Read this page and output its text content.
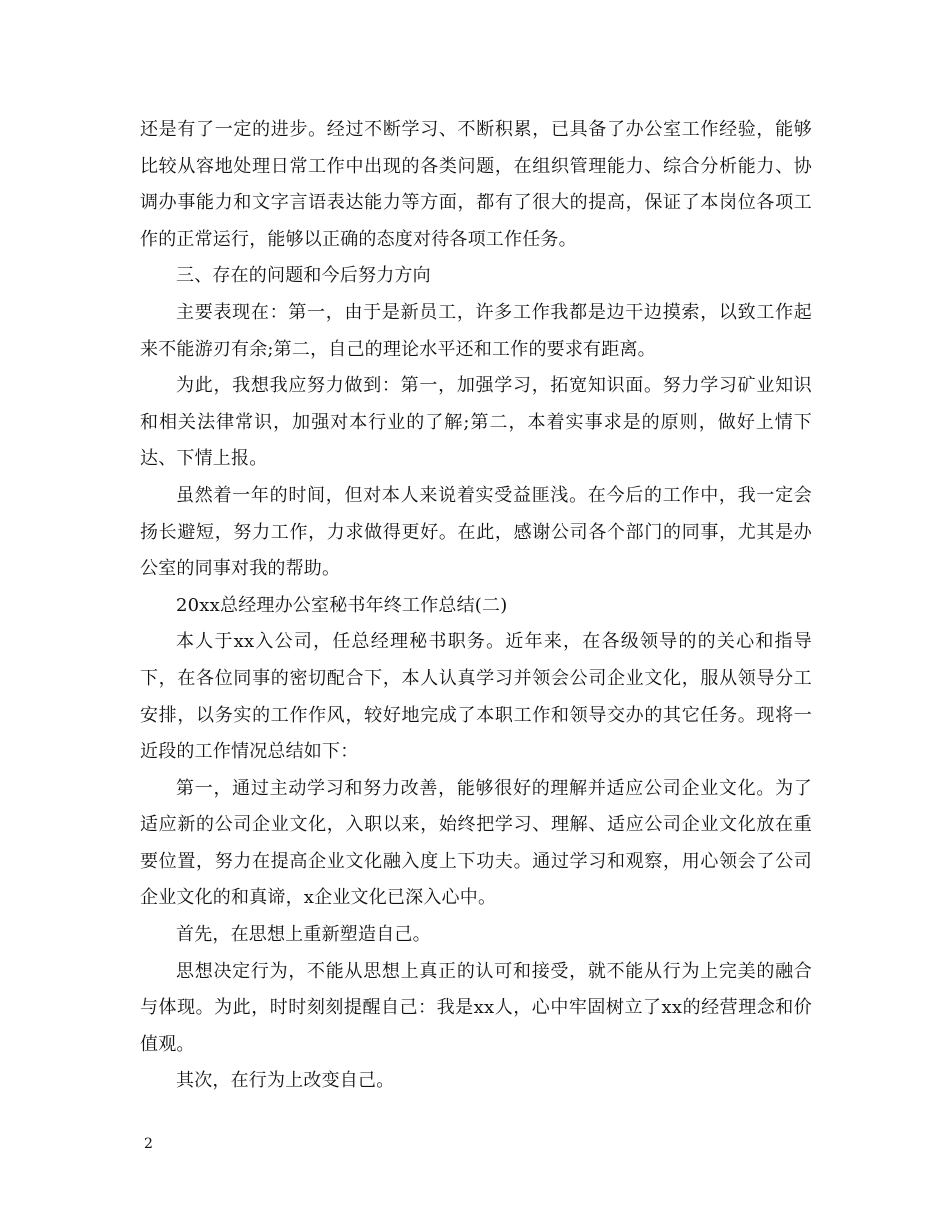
还是有了一定的进步。经过不断学习、不断积累，已具备了办公室工作经验，能够比较从容地处理日常工作中出现的各类问题，在组织管理能力、综合分析能力、协调办事能力和文字言语表达能力等方面，都有了很大的提高，保证了本岗位各项工作的正常运行，能够以正确的态度对待各项工作任务。

三、存在的问题和今后努力方向

主要表现在：第一，由于是新员工，许多工作我都是边干边摸索，以致工作起来不能游刃有余;第二，自己的理论水平还和工作的要求有距离。

为此，我想我应努力做到：第一，加强学习，拓宽知识面。努力学习矿业知识和相关法律常识，加强对本行业的了解;第二，本着实事求是的原则，做好上情下达、下情上报。

虽然着一年的时间，但对本人来说着实受益匪浅。在今后的工作中，我一定会扬长避短，努力工作，力求做得更好。在此，感谢公司各个部门的同事，尤其是办公室的同事对我的帮助。

20xx总经理办公室秘书年终工作总结(二)

本人于xx入公司，任总经理秘书职务。近年来，在各级领导的的关心和指导下，在各位同事的密切配合下，本人认真学习并领会公司企业文化，服从领导分工安排，以务实的工作作风，较好地完成了本职工作和领导交办的其它任务。现将一近段的工作情况总结如下：

第一，通过主动学习和努力改善，能够很好的理解并适应公司企业文化。为了适应新的公司企业文化，入职以来，始终把学习、理解、适应公司企业文化放在重要位置，努力在提高企业文化融入度上下功夫。通过学习和观察，用心领会了公司企业文化的和真谛，x企业文化已深入心中。

首先，在思想上重新塑造自己。

思想决定行为，不能从思想上真正的认可和接受，就不能从行为上完美的融合与体现。为此，时时刻刻提醒自己：我是xx人，心中牢固树立了xx的经营理念和价值观。

其次，在行为上改变自己。

2
